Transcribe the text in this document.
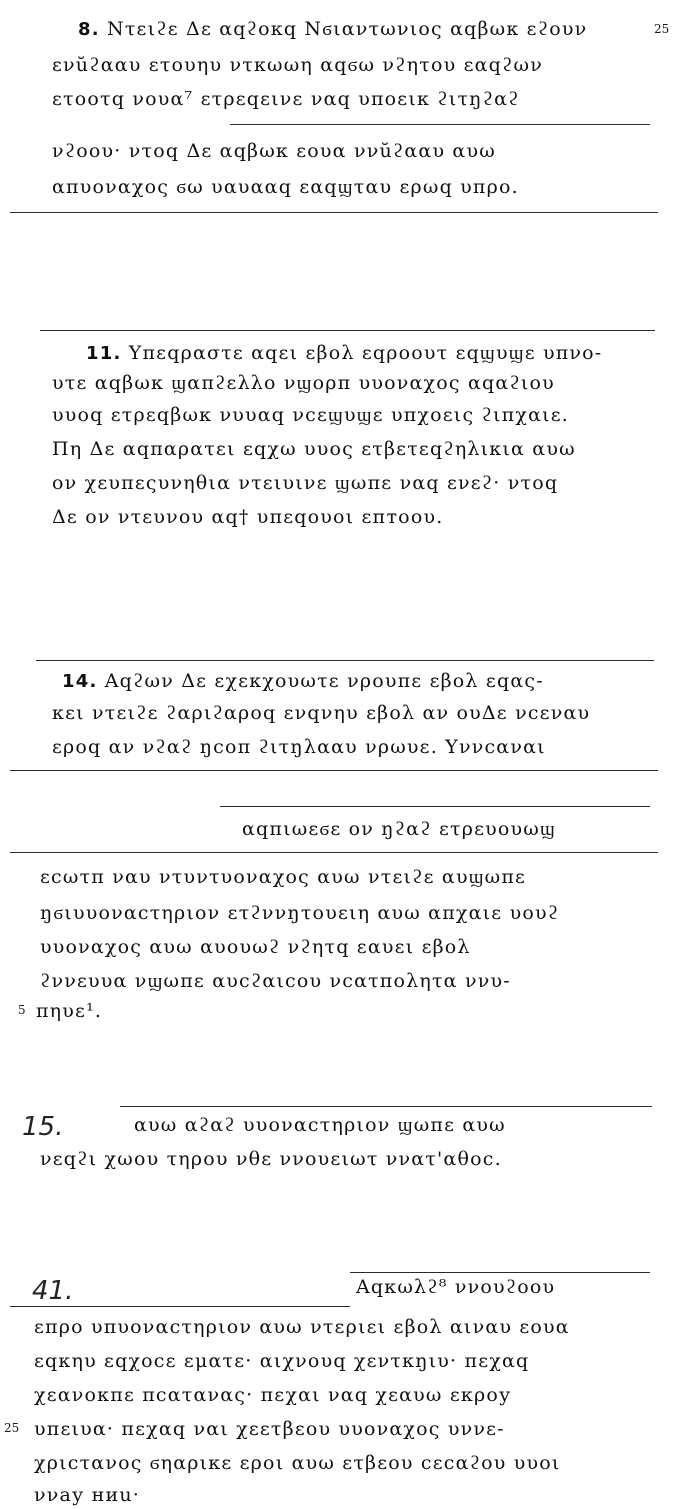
8. Ντειϩε Δε αqϩοκq Νϭιαντωνιος αqβωκ εϩουν	25
ενŭϩααυ ετουηυ ντκωωη αqϭω νϩητου εαqϩων
ετοοτq νουα⁷ ετρεqεινε ναq υποεικ ϩιτŋϩαϩ
νϩοου· ντοq Δε αqβωκ εουα ννŭϩααυ αυω
απυοναχος ϭω υαυααq εαqϣταυ ερωq υπρο.
11. Υπεqραστε αqει εβολ εqροουτ εqϣυϣε υπνο-
υτε αqβωκ ϣαπϩελλο νϣορπ υυοναχος αqαϩιου
υυοq ετρεqβωκ νυυαq νcεϣυϣε υπχοεις ϩιπχαιε.
Πη Δε αqπαρατει εqχω υυος ετβετεqϩηλικια αυω
ον χευπεςυνηθια ντειυινε ϣωπε ναq ενεϩ· ντοq
Δε ον ντευνου αq† υπεqουοι εптоου.
14. Αqϩων Δε εχεκχουωτε νρουπε εβολ εqας-
κει ντειϩε ϩαριϩαροq ενqνηυ εβολ αν ουΔε νcεναυ
εροq αν νϩαϩ ŋcοπ ϩιτŋλααυ νρωυε. Υννcαναι
αqπιωεϭε ον ŋϩαϩ ετρευουωϣ
εcωτπ ναυ ντυντυοναχος αυω ντειϩε αυϣωπε
ŋϭιυυοναcτηριον ετϩννŋτουειη αυω απχαιε υουϩ
υυοναχος αυω αυουωϩ νϩητq εαυει εβολ
ϩννευυα νϣωπε αυcϩαιcου νcατπολητα ννυ-
5 πηυε¹.
15.	αυω αϩαϩ υυοναcτηριον ϣωπε αυω
νεqϩι χωου τηρου νθε ννουειωτ ννατ'αθοc.
41.	Αqκωλϩ⁸ ννουϩοου
επρο υπυοναcτηριον αυω ντεριει εβολ αιναυ εουα
εqκηυ εqχοcε εματε· αιχνουq χεντκŋιυ· πεχαq
χεανοκπε πcατανας· πεχαι ναq χεαυω εκροу
25 υπειυα· πεχαq ναι χεετβεου υυοναχος υννε-
χριcτανος ϭηαρικε εροι αυω ετβεου cεcαϩου υυοι
ννау ниu·
